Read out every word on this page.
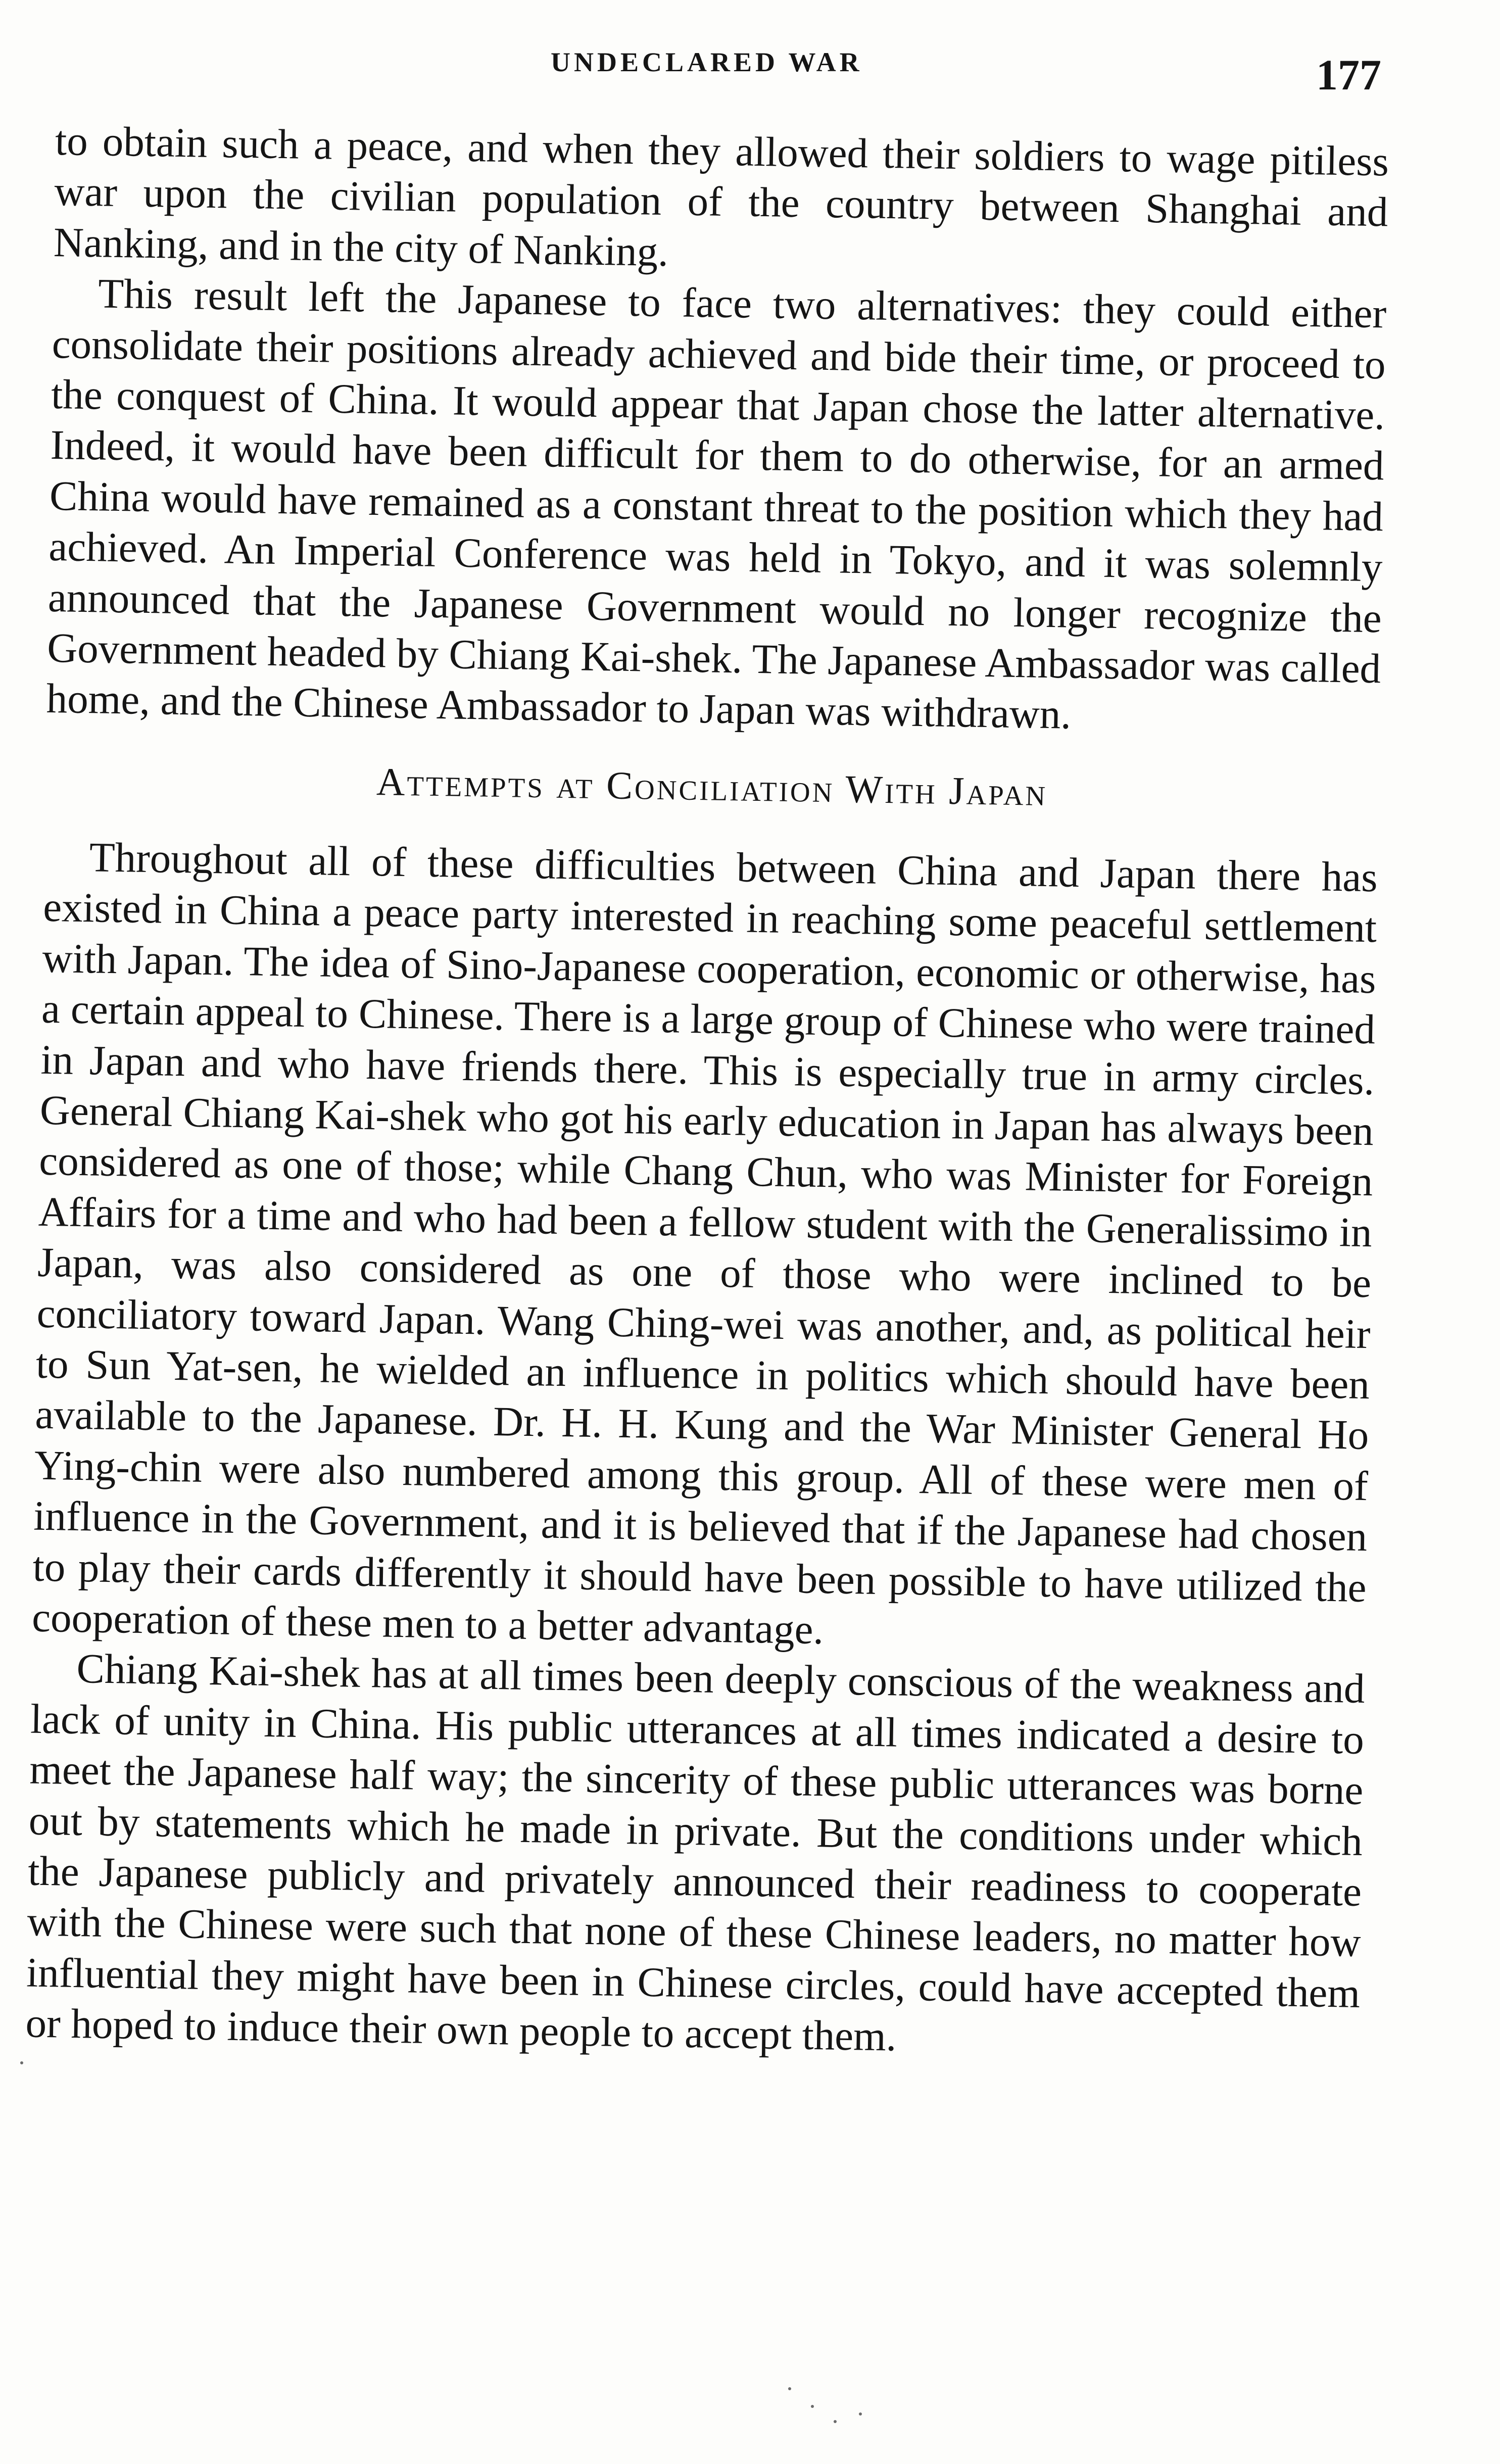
UNDECLARED WAR	177

to obtain such a peace, and when they allowed their soldiers to wage pitiless war upon the civilian population of the country between Shanghai and Nanking, and in the city of Nanking.

This result left the Japanese to face two alternatives: they could either consolidate their positions already achieved and bide their time, or proceed to the conquest of China. It would appear that Japan chose the latter alternative. Indeed, it would have been difficult for them to do otherwise, for an armed China would have remained as a constant threat to the position which they had achieved. An Imperial Conference was held in Tokyo, and it was solemnly announced that the Japanese Government would no longer recognize the Government headed by Chiang Kai-shek. The Japanese Ambassador was called home, and the Chinese Ambassador to Japan was withdrawn.

Attempts at Conciliation With Japan

Throughout all of these difficulties between China and Japan there has existed in China a peace party interested in reaching some peaceful settlement with Japan. The idea of Sino-Japanese cooperation, economic or otherwise, has a certain appeal to Chinese. There is a large group of Chinese who were trained in Japan and who have friends there. This is especially true in army circles. General Chiang Kai-shek who got his early education in Japan has always been considered as one of those; while Chang Chun, who was Minister for Foreign Affairs for a time and who had been a fellow student with the Generalissimo in Japan, was also considered as one of those who were inclined to be conciliatory toward Japan. Wang Ching-wei was another, and, as political heir to Sun Yat-sen, he wielded an influence in politics which should have been available to the Japanese. Dr. H. H. Kung and the War Minister General Ho Ying-chin were also numbered among this group. All of these were men of influence in the Government, and it is believed that if the Japanese had chosen to play their cards differently it should have been possible to have utilized the cooperation of these men to a better advantage.

Chiang Kai-shek has at all times been deeply conscious of the weakness and lack of unity in China. His public utterances at all times indicated a desire to meet the Japanese half way; the sincerity of these public utterances was borne out by statements which he made in private. But the conditions under which the Japanese publicly and privately announced their readiness to cooperate with the Chinese were such that none of these Chinese leaders, no matter how influential they might have been in Chinese circles, could have accepted them or hoped to induce their own people to accept them.
